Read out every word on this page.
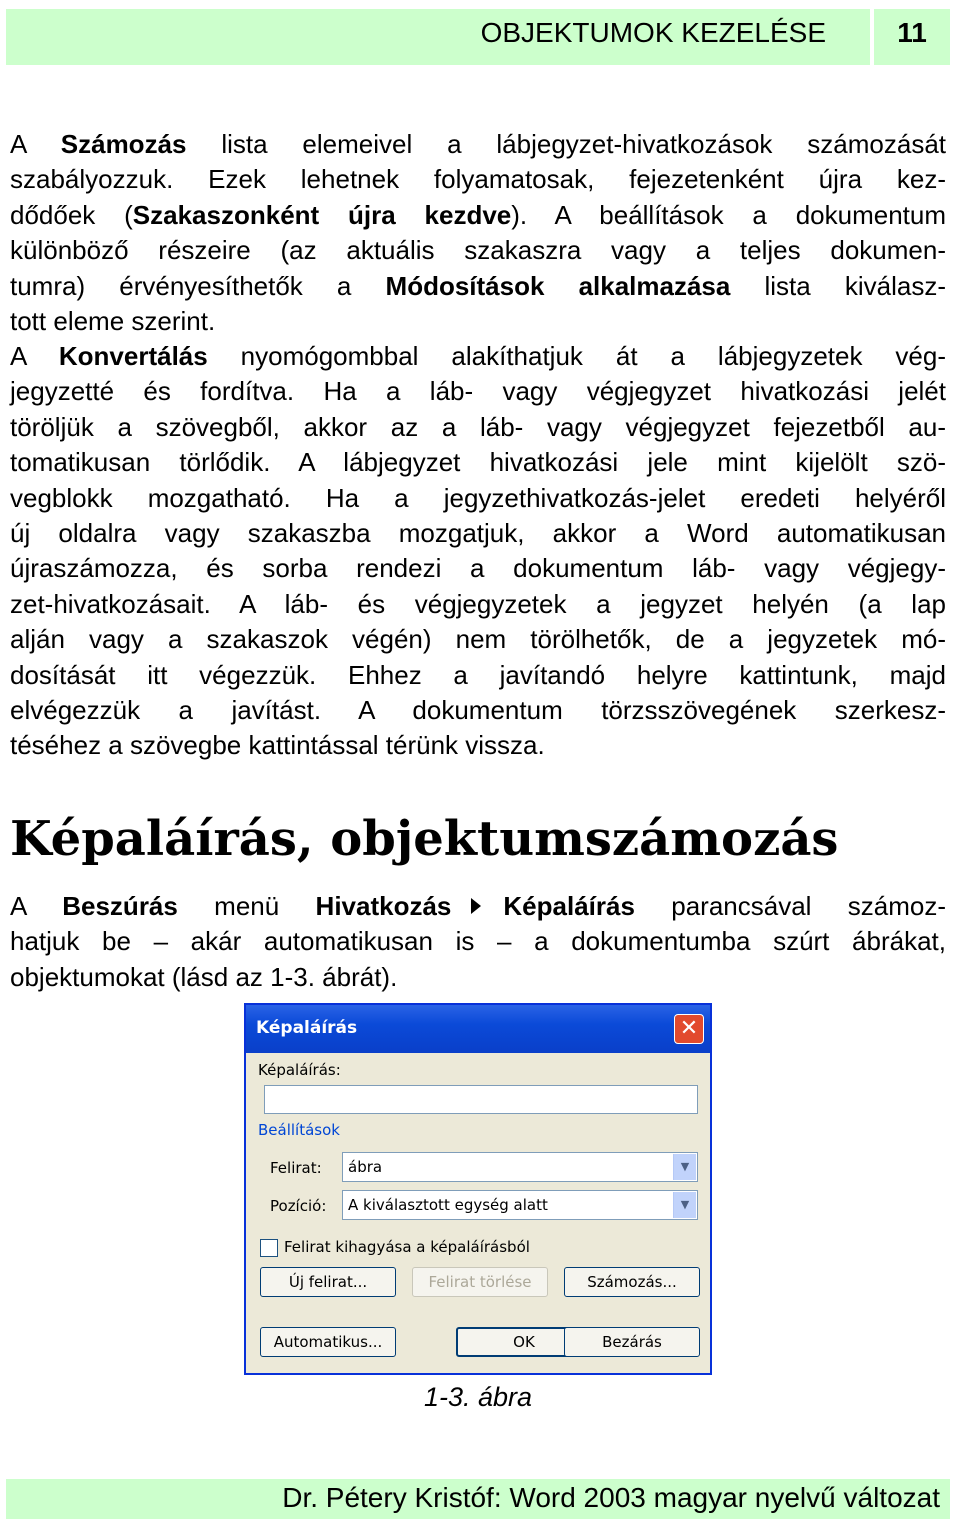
OBJEKTUMOK KEZELÉSE	11
A Számozás lista elemeivel a lábjegyzet-hivatkozások számozását
szabályozzuk. Ezek lehetnek folyamatosak, fejezetenként újra kez-
dődőek (Szakaszonként újra kezdve). A beállítások a dokumentum
különböző részeire (az aktuális szakaszra vagy a teljes dokumen-
tumra) érvényesíthetők a Módosítások alkalmazása lista kiválasz-
tott eleme szerint.
A Konvertálás nyomógombbal alakíthatjuk át a lábjegyzetek vég-
jegyzetté és fordítva. Ha a láb- vagy végjegyzet hivatkozási jelét
töröljük a szövegből, akkor az a láb- vagy végjegyzet fejezetből au-
tomatikusan törlődik. A lábjegyzet hivatkozási jele mint kijelölt szö-
vegblokk mozgatható. Ha a jegyzethivatkozás-jelet eredeti helyéről
új oldalra vagy szakaszba mozgatjuk, akkor a Word automatikusan
újraszámozza, és sorba rendezi a dokumentum láb- vagy végjegy-
zet-hivatkozásait. A láb- és végjegyzetek a jegyzet helyén (a lap
alján vagy a szakaszok végén) nem törölhetők, de a jegyzetek mó-
dosítását itt végezzük. Ehhez a javítandó helyre kattintunk, majd
elvégezzük a javítást. A dokumentum törzsszövegének szerkesz-
téséhez a szövegbe kattintással térünk vissza.
Képaláírás, objektumszámozás
A Beszúrás menü Hivatkozás Képaláírás parancsával számoz-
hatjuk be – akár automatikusan is – a dokumentumba szúrt ábrákat,
objektumokat (lásd az 1-3. ábrát).
Képaláírás	✕
Képaláírás:
Beállítások
Felirat: ábra	▼
Pozíció: A kiválasztott egység alatt	▼
Felirat kihagyása a képaláírásból
Új felirat...	Felirat törlése	Számozás...
Automatikus...	OK	Bezárás
1-3. ábra
Dr. Pétery Kristóf: Word 2003 magyar nyelvű változat
